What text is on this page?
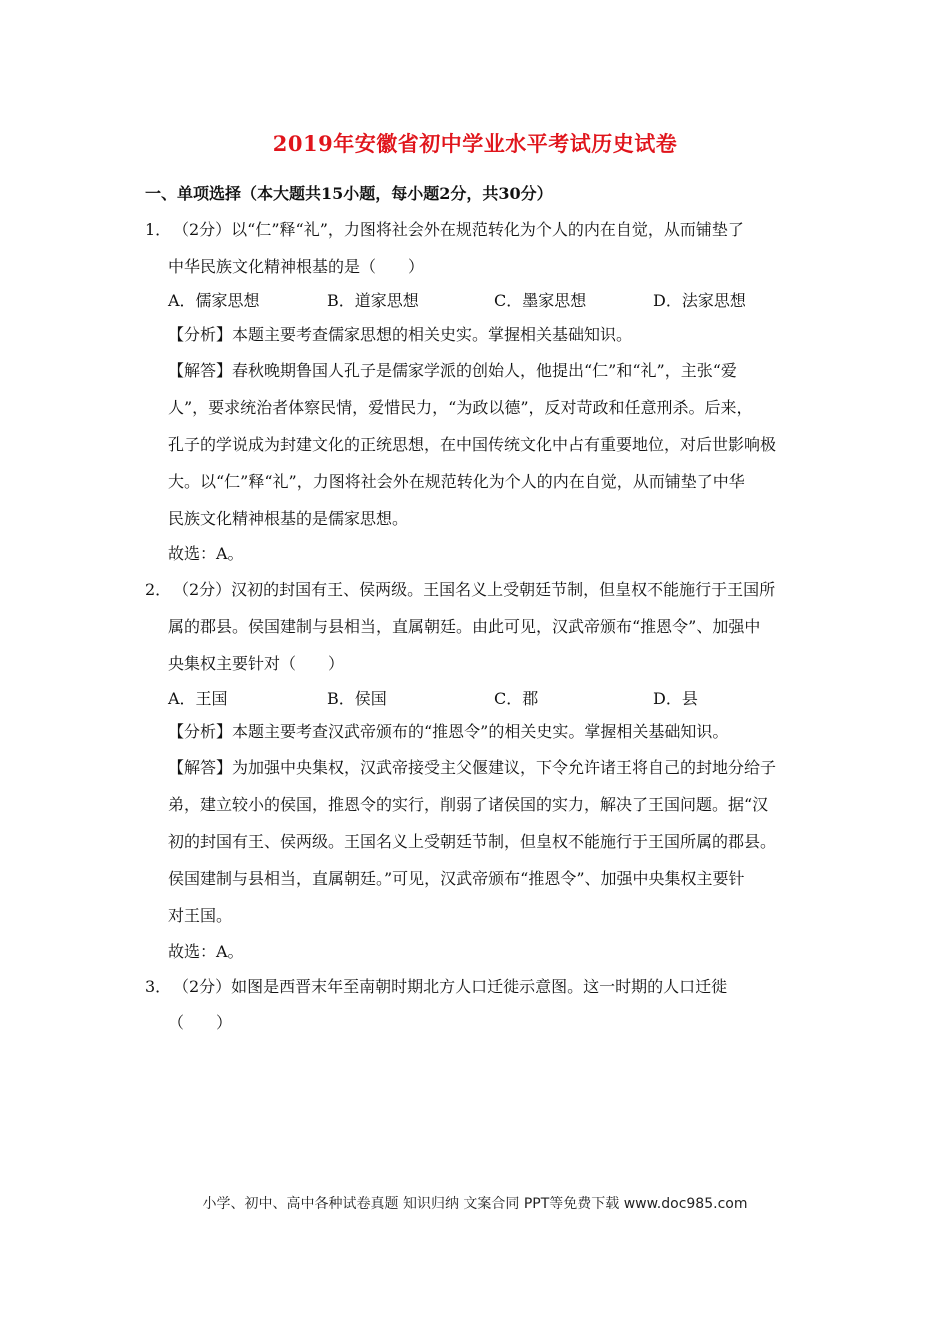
2019年安徽省初中学业水平考试历史试卷
一、单项选择（本大题共15小题，每小题2分，共30分）
1． （2分）以“仁”释“礼”，力图将社会外在规范转化为个人的内在自觉，从而铺垫了
中华民族文化精神根基的是（　　）
A．儒家思想	B．道家思想	C．墨家思想	D．法家思想
【分析】本题主要考查儒家思想的相关史实。掌握相关基础知识。
【解答】春秋晚期鲁国人孔子是儒家学派的创始人，他提出“仁”和“礼”，主张“爱
人”，要求统治者体察民情，爱惜民力，“为政以德”，反对苛政和任意刑杀。后来，
孔子的学说成为封建文化的正统思想，在中国传统文化中占有重要地位，对后世影响极
大。以“仁”释“礼”，力图将社会外在规范转化为个人的内在自觉，从而铺垫了中华
民族文化精神根基的是儒家思想。
故选：A。
2． （2分）汉初的封国有王、侯两级。王国名义上受朝廷节制，但皇权不能施行于王国所
属的郡县。侯国建制与县相当，直属朝廷。由此可见，汉武帝颁布“推恩令”、加强中
央集权主要针对（　　）
A．王国	B．侯国	C．郡	D．县
【分析】本题主要考查汉武帝颁布的“推恩令”的相关史实。掌握相关基础知识。
【解答】为加强中央集权，汉武帝接受主父偃建议，下令允许诸王将自己的封地分给子
弟，建立较小的侯国，推恩令的实行，削弱了诸侯国的实力，解决了王国问题。据“汉
初的封国有王、侯两级。王国名义上受朝廷节制，但皇权不能施行于王国所属的郡县。
侯国建制与县相当，直属朝廷。”可见，汉武帝颁布“推恩令”、加强中央集权主要针
对王国。
故选：A。
3． （2分）如图是西晋末年至南朝时期北方人口迁徙示意图。这一时期的人口迁徙
（　　）
小学、初中、高中各种试卷真题 知识归纳 文案合同 PPT等免费下载 www.doc985.com
